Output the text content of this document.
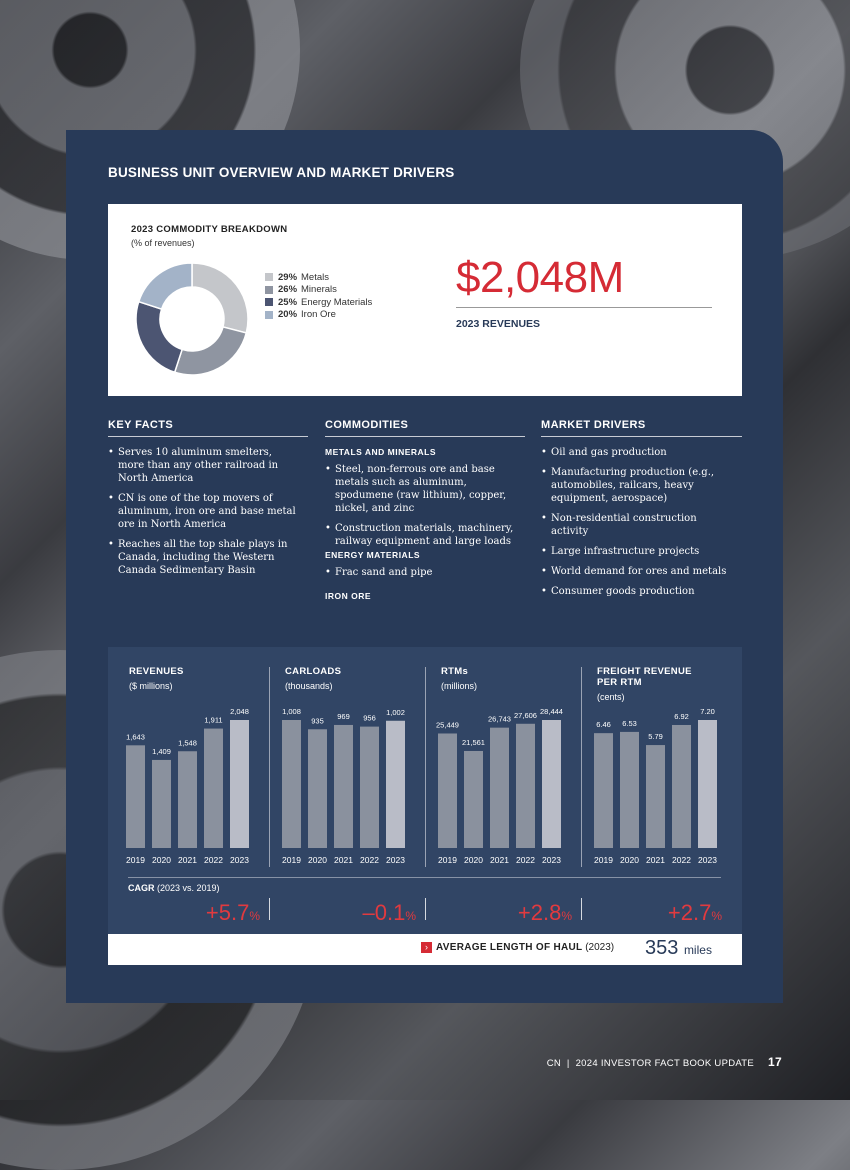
BUSINESS UNIT OVERVIEW AND MARKET DRIVERS
2023 COMMODITY BREAKDOWN
(% of revenues)
29% Metals
26% Minerals
25% Energy Materials
20% Iron Ore
$2,048M
2023 REVENUES
KEY FACTS
• Serves 10 aluminum smelters, more than any other railroad in North America
• CN is one of the top movers of aluminum, iron ore and base metal ore in North America
• Reaches all the top shale plays in Canada, including the Western Canada Sedimentary Basin
COMMODITIES
METALS AND MINERALS
• Steel, non-ferrous ore and base metals such as aluminum, spodumene (raw lithium), copper, nickel, and zinc
• Construction materials, machinery, railway equipment and large loads
ENERGY MATERIALS
• Frac sand and pipe
IRON ORE
MARKET DRIVERS
• Oil and gas production
• Manufacturing production (e.g., automobiles, railcars, heavy equipment, aerospace)
• Non-residential construction activity
• Large infrastructure projects
• World demand for ores and metals
• Consumer goods production
REVENUES
($ millions)
CARLOADS
(thousands)
RTMs
(millions)
FREIGHT REVENUE PER RTM
(cents)
1,643
2019
1,409
2020
1,548
2021
1,911
2022
2,048
2023
1,008
2019
935
2020
969
2021
956
2022
1,002
2023
25,449
2019
21,561
2020
26,743
2021
27,606
2022
28,444
2023
6.46
2019
6.53
2020
5.79
2021
6.92
2022
7.20
2023
CAGR (2023 vs. 2019)
+5.7%	–0.1%	+2.8%	+2.7%
› AVERAGE LENGTH OF HAUL (2023) 353 miles
CN  |  2024 INVESTOR FACT BOOK UPDATE 17
